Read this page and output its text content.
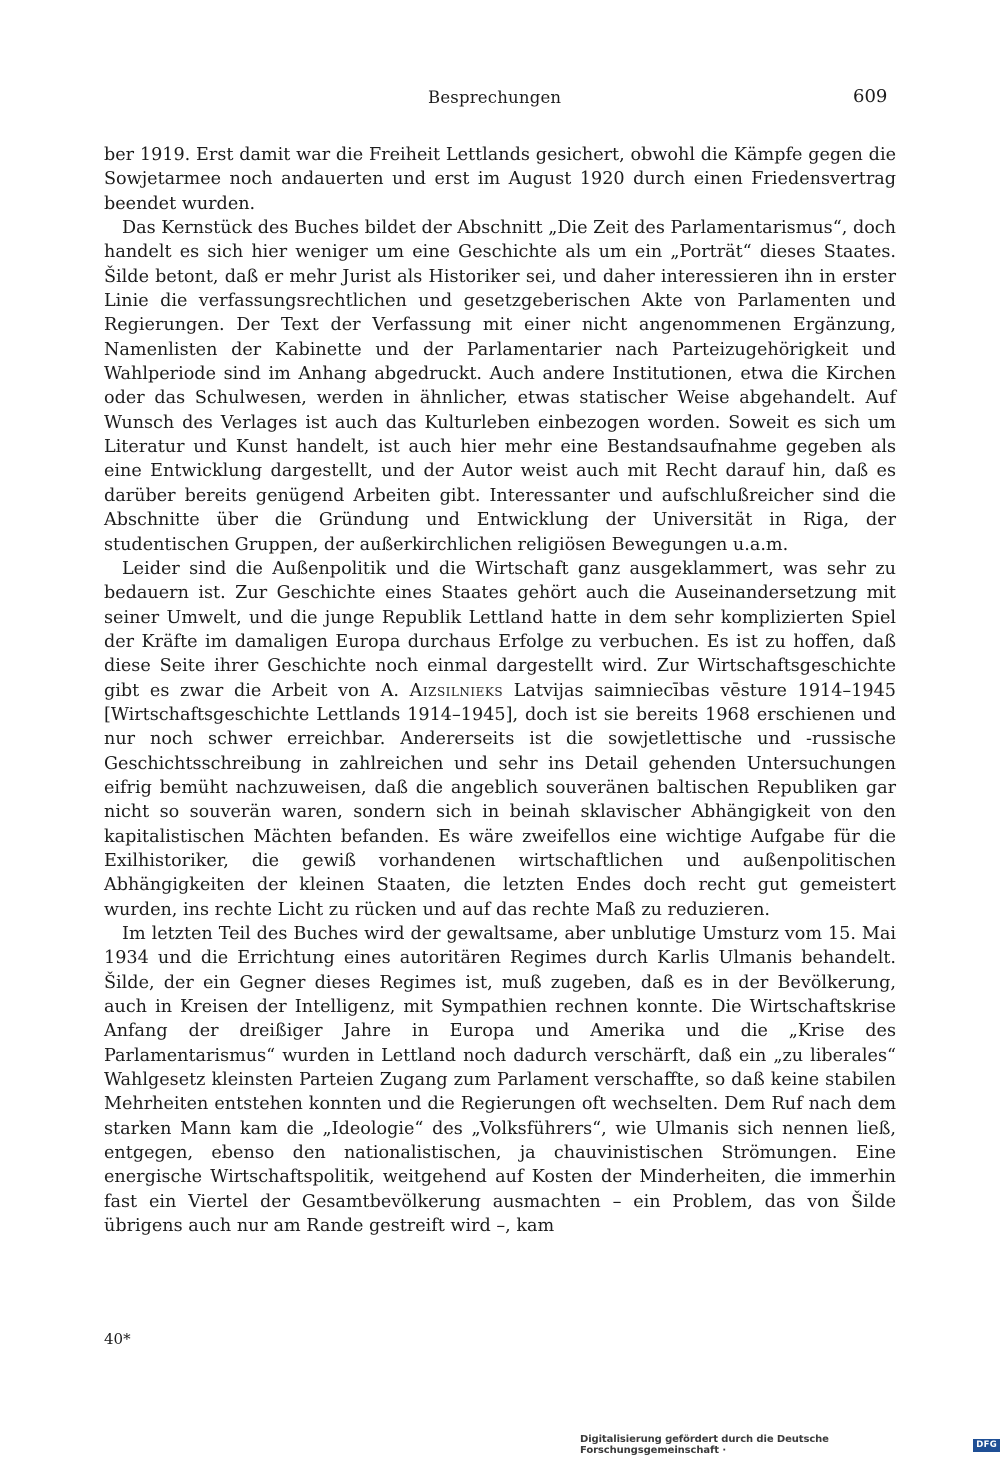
Besprechungen	609

ber 1919. Erst damit war die Freiheit Lettlands gesichert, obwohl die Kämpfe gegen die Sowjetarmee noch andauerten und erst im August 1920 durch einen Friedensvertrag beendet wurden.

Das Kernstück des Buches bildet der Abschnitt „Die Zeit des Parlamentarismus“, doch handelt es sich hier weniger um eine Geschichte als um ein „Porträt“ dieses Staates. Šilde betont, daß er mehr Jurist als Historiker sei, und daher interessieren ihn in erster Linie die verfassungsrechtlichen und gesetzgeberischen Akte von Parlamenten und Regierungen. Der Text der Verfassung mit einer nicht angenommenen Ergänzung, Namenlisten der Kabinette und der Parlamentarier nach Parteizugehörigkeit und Wahlperiode sind im Anhang abgedruckt. Auch andere Institutionen, etwa die Kirchen oder das Schulwesen, werden in ähnlicher, etwas statischer Weise abgehandelt. Auf Wunsch des Verlages ist auch das Kulturleben einbezogen worden. Soweit es sich um Literatur und Kunst handelt, ist auch hier mehr eine Bestandsaufnahme gegeben als eine Entwicklung dargestellt, und der Autor weist auch mit Recht darauf hin, daß es darüber bereits genügend Arbeiten gibt. Interessanter und aufschlußreicher sind die Abschnitte über die Gründung und Entwicklung der Universität in Riga, der studentischen Gruppen, der außerkirchlichen religiösen Bewegungen u.a.m.

Leider sind die Außenpolitik und die Wirtschaft ganz ausgeklammert, was sehr zu bedauern ist. Zur Geschichte eines Staates gehört auch die Auseinandersetzung mit seiner Umwelt, und die junge Republik Lettland hatte in dem sehr komplizierten Spiel der Kräfte im damaligen Europa durchaus Erfolge zu verbuchen. Es ist zu hoffen, daß diese Seite ihrer Geschichte noch einmal dargestellt wird. Zur Wirtschaftsgeschichte gibt es zwar die Arbeit von A. Aizsilnieks Latvijas saimniecības vēsture 1914–1945 [Wirtschaftsgeschichte Lettlands 1914–1945], doch ist sie bereits 1968 erschienen und nur noch schwer erreichbar. Andererseits ist die sowjetlettische und -russische Geschichtsschreibung in zahlreichen und sehr ins Detail gehenden Untersuchungen eifrig bemüht nachzuweisen, daß die angeblich souveränen baltischen Republiken gar nicht so souverän waren, sondern sich in beinah sklavischer Abhängigkeit von den kapitalistischen Mächten befanden. Es wäre zweifellos eine wichtige Aufgabe für die Exilhistoriker, die gewiß vorhandenen wirtschaftlichen und außenpolitischen Abhängigkeiten der kleinen Staaten, die letzten Endes doch recht gut gemeistert wurden, ins rechte Licht zu rücken und auf das rechte Maß zu reduzieren.

Im letzten Teil des Buches wird der gewaltsame, aber unblutige Umsturz vom 15. Mai 1934 und die Errichtung eines autoritären Regimes durch Karlis Ulmanis behandelt. Šilde, der ein Gegner dieses Regimes ist, muß zugeben, daß es in der Bevölkerung, auch in Kreisen der Intelligenz, mit Sympathien rechnen konnte. Die Wirtschaftskrise Anfang der dreißiger Jahre in Europa und Amerika und die „Krise des Parlamentarismus“ wurden in Lettland noch dadurch verschärft, daß ein „zu liberales“ Wahlgesetz kleinsten Parteien Zugang zum Parlament verschaffte, so daß keine stabilen Mehrheiten entstehen konnten und die Regierungen oft wechselten. Dem Ruf nach dem starken Mann kam die „Ideologie“ des „Volksführers“, wie Ulmanis sich nennen ließ, entgegen, ebenso den nationalistischen, ja chauvinistischen Strömungen. Eine energische Wirtschaftspolitik, weitgehend auf Kosten der Minderheiten, die immerhin fast ein Viertel der Gesamtbevölkerung ausmachten – ein Problem, das von Šilde übrigens auch nur am Rande gestreift wird –, kam

40*
Digitalisierung gefördert durch die Deutsche Forschungsgemeinschaft ·
DFG
